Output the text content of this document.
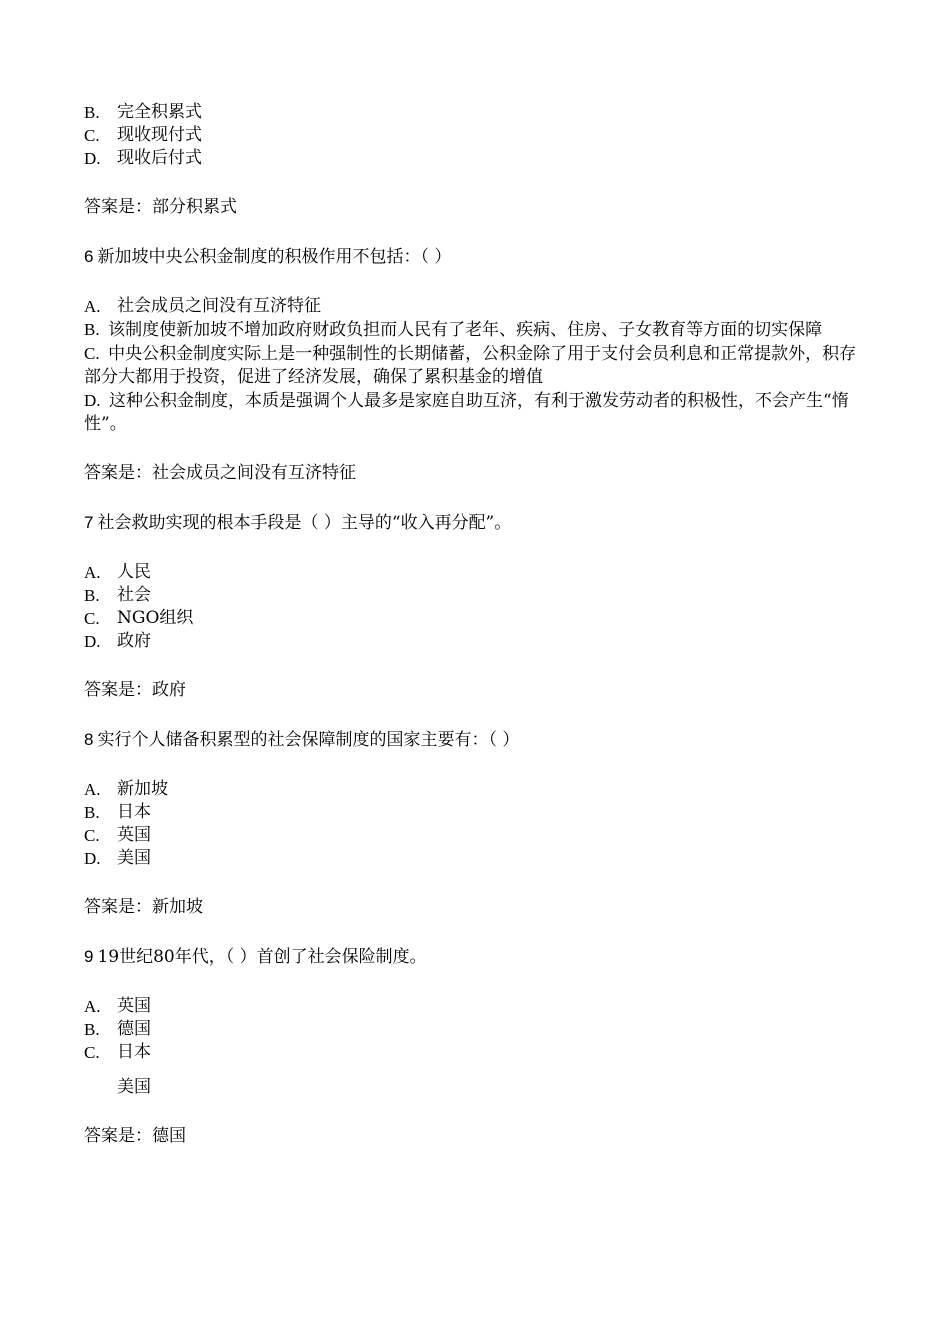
B.	完全积累式
C.	现收现付式
D. 现收后付式
答案是：部分积累式
6 新加坡中央公积金制度的积极作用不包括：（ ）
A. 社会成员之间没有互济特征
B. 该制度使新加坡不增加政府财政负担而人民有了老年、疾病、住房、子女教育等方面的切实保障
C. 中央公积金制度实际上是一种强制性的长期储蓄，公积金除了用于支付会员利息和正常提款外，积存部分大都用于投资，促进了经济发展，确保了累积基金的增值
D. 这种公积金制度，本质是强调个人最多是家庭自助互济，有利于激发劳动者的积极性，不会产生“惰性”。
答案是：社会成员之间没有互济特征
7 社会救助实现的根本手段是（ ）主导的“收入再分配”。
A. 人民
B.	社会
C.	NGO组织
D. 政府
答案是：政府
8 实行个人储备积累型的社会保障制度的国家主要有：（ ）
A. 新加坡
B.	日本
C.	英国
D. 美国
答案是：新加坡
9 19世纪80年代，（ ）首创了社会保险制度。
A. 英国
B.	德国
C.	日本
美国
答案是：德国
